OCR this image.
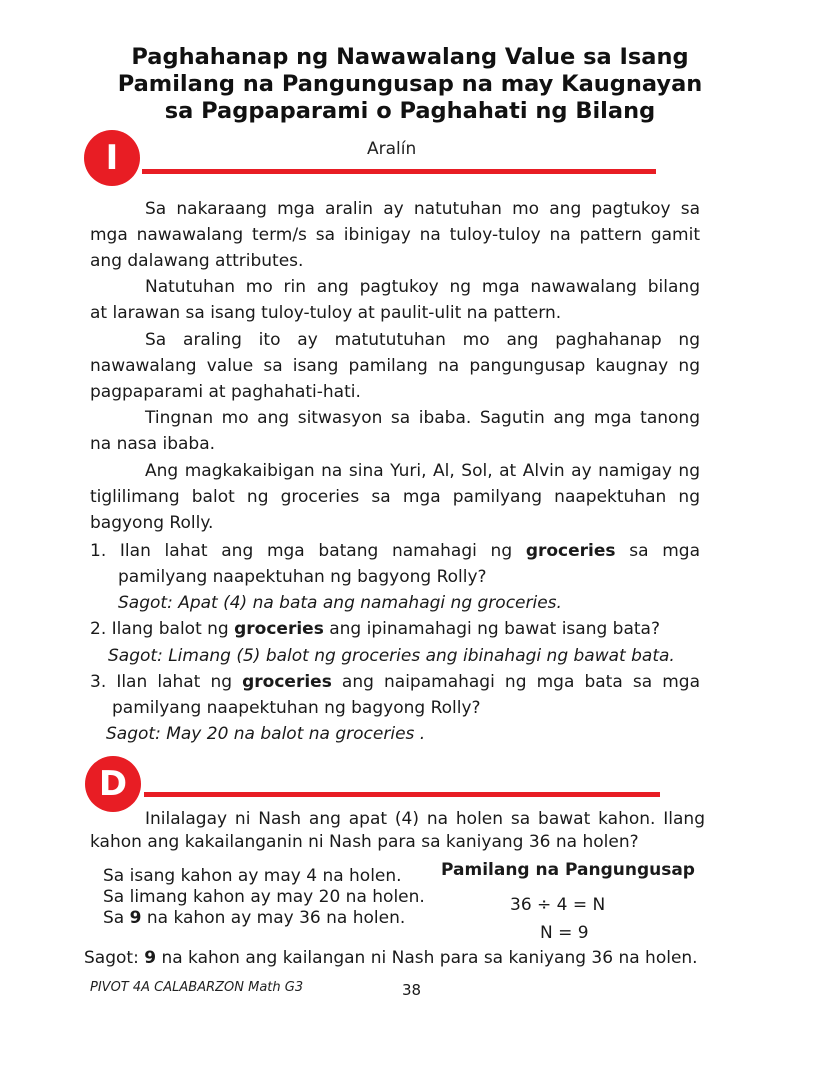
Paghahanap ng Nawawalang Value sa Isang
Pamilang na Pangungusap na may Kaugnayan
sa Pagpaparami o Paghahati ng Bilang
I	Aralín
Sa nakaraang mga aralin ay natutuhan mo ang pagtukoy sa
mga nawawalang term/s sa ibinigay na tuloy-tuloy na pattern gamit
ang dalawang attributes.
Natutuhan mo rin ang pagtukoy ng mga nawawalang bilang
at larawan sa isang tuloy-tuloy at paulit-ulit na pattern.
Sa araling ito ay matututuhan mo ang paghahanap ng
nawawalang value sa isang pamilang na pangungusap kaugnay ng
pagpaparami at paghahati-hati.
Tingnan mo ang sitwasyon sa ibaba. Sagutin ang mga tanong
na nasa ibaba.
Ang magkakaibigan na sina Yuri, Al, Sol, at Alvin ay namigay ng
tiglilimang balot ng groceries sa mga pamilyang naapektuhan ng
bagyong Rolly.
1. Ilan lahat ang mga batang namahagi ng groceries sa mga
pamilyang naapektuhan ng bagyong Rolly?
Sagot: Apat (4) na bata ang namahagi ng groceries.
2. Ilang balot ng groceries ang ipinamahagi ng bawat isang bata?
Sagot: Limang (5) balot ng groceries ang ibinahagi ng bawat bata.
3. Ilan lahat ng groceries ang naipamahagi ng mga bata sa mga
pamilyang naapektuhan ng bagyong Rolly?
Sagot: May 20 na balot na groceries .
D
Inilalagay ni Nash ang apat (4) na holen sa bawat kahon. Ilang
kahon ang kakailanganin ni Nash para sa kaniyang 36 na holen?
Sa isang kahon ay may 4 na holen.
Sa limang kahon ay may 20 na holen.
Sa 9 na kahon ay may 36 na holen.
Pamilang na Pangungusap
36 ÷ 4 = N
N = 9
Sagot: 9 na kahon ang kailangan ni Nash para sa kaniyang 36 na holen.
PIVOT 4A CALABARZON Math G3	38
